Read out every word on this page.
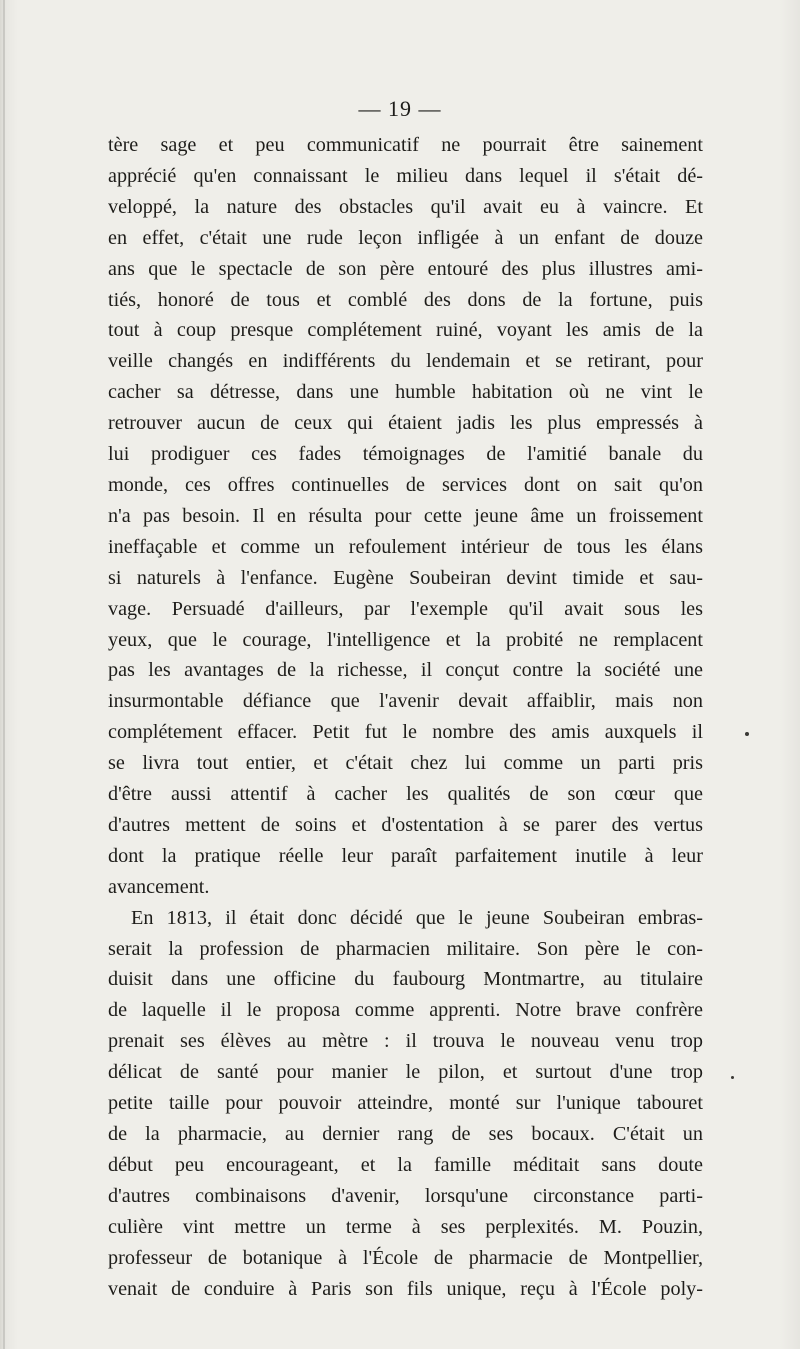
— 19 —
tère sage et peu communicatif ne pourrait être sainement
apprécié qu'en connaissant le milieu dans lequel il s'était dé-
veloppé, la nature des obstacles qu'il avait eu à vaincre. Et
en effet, c'était une rude leçon infligée à un enfant de douze
ans que le spectacle de son père entouré des plus illustres ami-
tiés, honoré de tous et comblé des dons de la fortune, puis
tout à coup presque complétement ruiné, voyant les amis de la
veille changés en indifférents du lendemain et se retirant, pour
cacher sa détresse, dans une humble habitation où ne vint le
retrouver aucun de ceux qui étaient jadis les plus empressés à
lui prodiguer ces fades témoignages de l'amitié banale du
monde, ces offres continuelles de services dont on sait qu'on
n'a pas besoin. Il en résulta pour cette jeune âme un froissement
ineffaçable et comme un refoulement intérieur de tous les élans
si naturels à l'enfance. Eugène Soubeiran devint timide et sau-
vage. Persuadé d'ailleurs, par l'exemple qu'il avait sous les
yeux, que le courage, l'intelligence et la probité ne remplacent
pas les avantages de la richesse, il conçut contre la société une
insurmontable défiance que l'avenir devait affaiblir, mais non
complétement effacer. Petit fut le nombre des amis auxquels il
se livra tout entier, et c'était chez lui comme un parti pris
d'être aussi attentif à cacher les qualités de son cœur que
d'autres mettent de soins et d'ostentation à se parer des vertus
dont la pratique réelle leur paraît parfaitement inutile à leur
avancement.
En 1813, il était donc décidé que le jeune Soubeiran embras-
serait la profession de pharmacien militaire. Son père le con-
duisit dans une officine du faubourg Montmartre, au titulaire
de laquelle il le proposa comme apprenti. Notre brave confrère
prenait ses élèves au mètre : il trouva le nouveau venu trop
délicat de santé pour manier le pilon, et surtout d'une trop
petite taille pour pouvoir atteindre, monté sur l'unique tabouret
de la pharmacie, au dernier rang de ses bocaux. C'était un
début peu encourageant, et la famille méditait sans doute
d'autres combinaisons d'avenir, lorsqu'une circonstance parti-
culière vint mettre un terme à ses perplexités. M. Pouzin,
professeur de botanique à l'École de pharmacie de Montpellier,
venait de conduire à Paris son fils unique, reçu à l'École poly-
